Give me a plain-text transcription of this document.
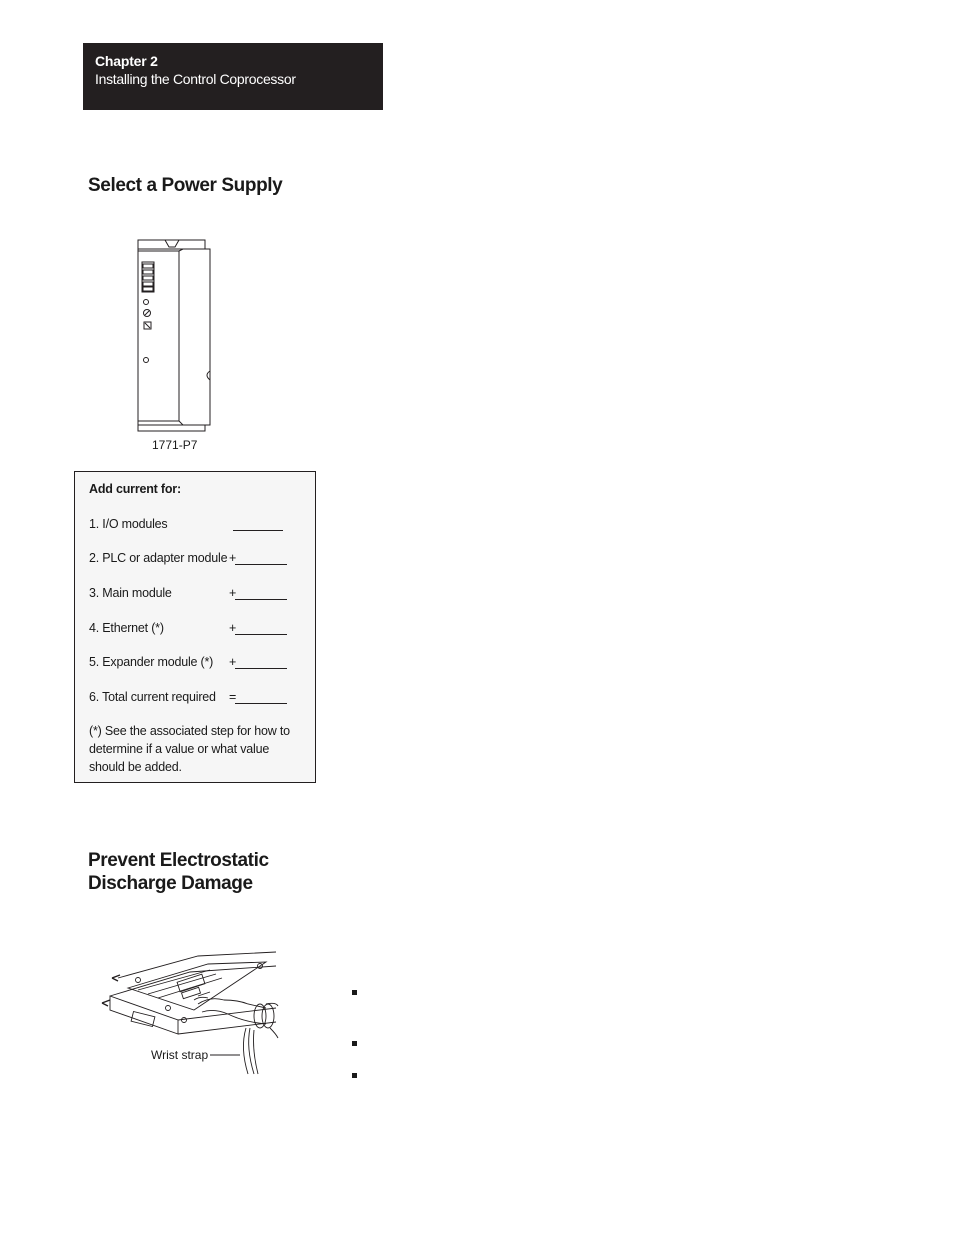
Chapter 2
Installing the Control Coprocessor
Select a Power Supply
1771-P7
Add current for:
1. I/O modules
2. PLC or adapter module +
3. Main module	+
4. Ethernet (*)	+
5. Expander module (*) +
6. Total current required =
(*) See the associated step for how to determine if a value or what value should be added.
Prevent Electrostatic
Discharge Damage
Wrist strap
